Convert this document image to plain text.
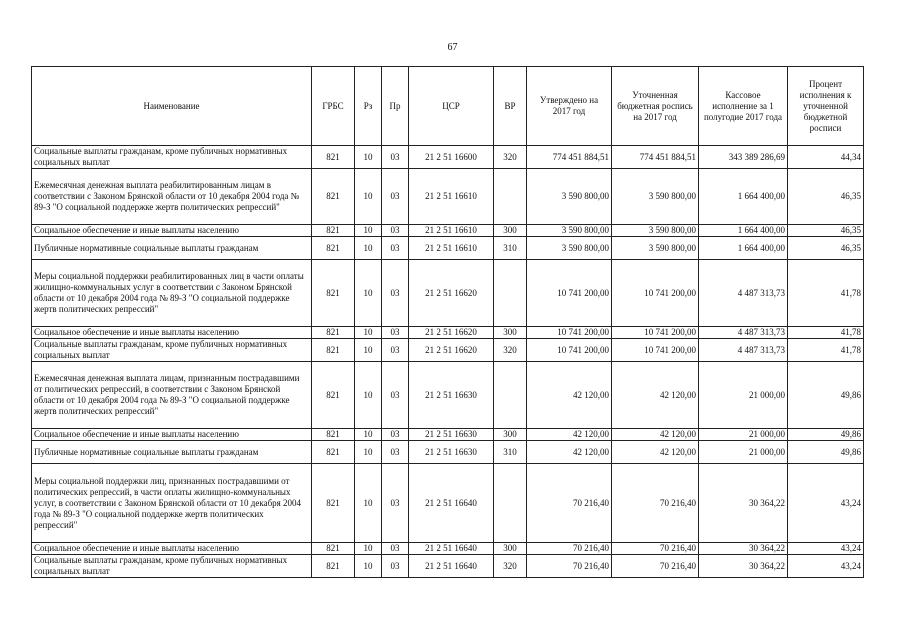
67
Наименование	ГРБС	Рз	Пр	ЦСР	ВР	Утверждено на 2017 год	Уточненная бюджетная роспись на 2017 год	Кассовое исполнение за 1 полугодие 2017 года	Процент исполнения к уточненной бюджетной росписи
Социальные выплаты гражданам, кроме публичных нормативных социальных выплат	821	10	03	21 2 51 16600	320	774 451 884,51	774 451 884,51	343 389 286,69	44,34
Ежемесячная денежная выплата реабилитированным лицам в соответствии с Законом Брянской области от 10 декабря 2004 года № 89-З "О социальной поддержке жертв политических репрессий"	821	10	03	21 2 51 16610		3 590 800,00	3 590 800,00	1 664 400,00	46,35
Социальное обеспечение и иные выплаты населению	821	10	03	21 2 51 16610	300	3 590 800,00	3 590 800,00	1 664 400,00	46,35
Публичные нормативные социальные выплаты гражданам	821	10	03	21 2 51 16610	310	3 590 800,00	3 590 800,00	1 664 400,00	46,35
Меры социальной поддержки реабилитированных лиц в части оплаты жилищно-коммунальных услуг в соответствии с Законом Брянской области от 10 декабря 2004 года № 89-З "О социальной поддержке жертв политических репрессий"	821	10	03	21 2 51 16620		10 741 200,00	10 741 200,00	4 487 313,73	41,78
Социальное обеспечение и иные выплаты населению	821	10	03	21 2 51 16620	300	10 741 200,00	10 741 200,00	4 487 313,73	41,78
Социальные выплаты гражданам, кроме публичных нормативных социальных выплат	821	10	03	21 2 51 16620	320	10 741 200,00	10 741 200,00	4 487 313,73	41,78
Ежемесячная денежная выплата лицам, признанным пострадавшими от политических репрессий, в соответствии с Законом Брянской области от 10 декабря 2004 года № 89-З "О социальной поддержке жертв политических репрессий"	821	10	03	21 2 51 16630		42 120,00	42 120,00	21 000,00	49,86
Социальное обеспечение и иные выплаты населению	821	10	03	21 2 51 16630	300	42 120,00	42 120,00	21 000,00	49,86
Публичные нормативные социальные выплаты гражданам	821	10	03	21 2 51 16630	310	42 120,00	42 120,00	21 000,00	49,86
Меры социальной поддержки лиц, признанных пострадавшими от политических репрессий, в части оплаты жилищно-коммунальных услуг, в соответствии с Законом Брянской области от 10 декабря 2004 года № 89-З "О социальной поддержке жертв политических репрессий"	821	10	03	21 2 51 16640		70 216,40	70 216,40	30 364,22	43,24
Социальное обеспечение и иные выплаты населению	821	10	03	21 2 51 16640	300	70 216,40	70 216,40	30 364,22	43,24
Социальные выплаты гражданам, кроме публичных нормативных социальных выплат	821	10	03	21 2 51 16640	320	70 216,40	70 216,40	30 364,22	43,24
